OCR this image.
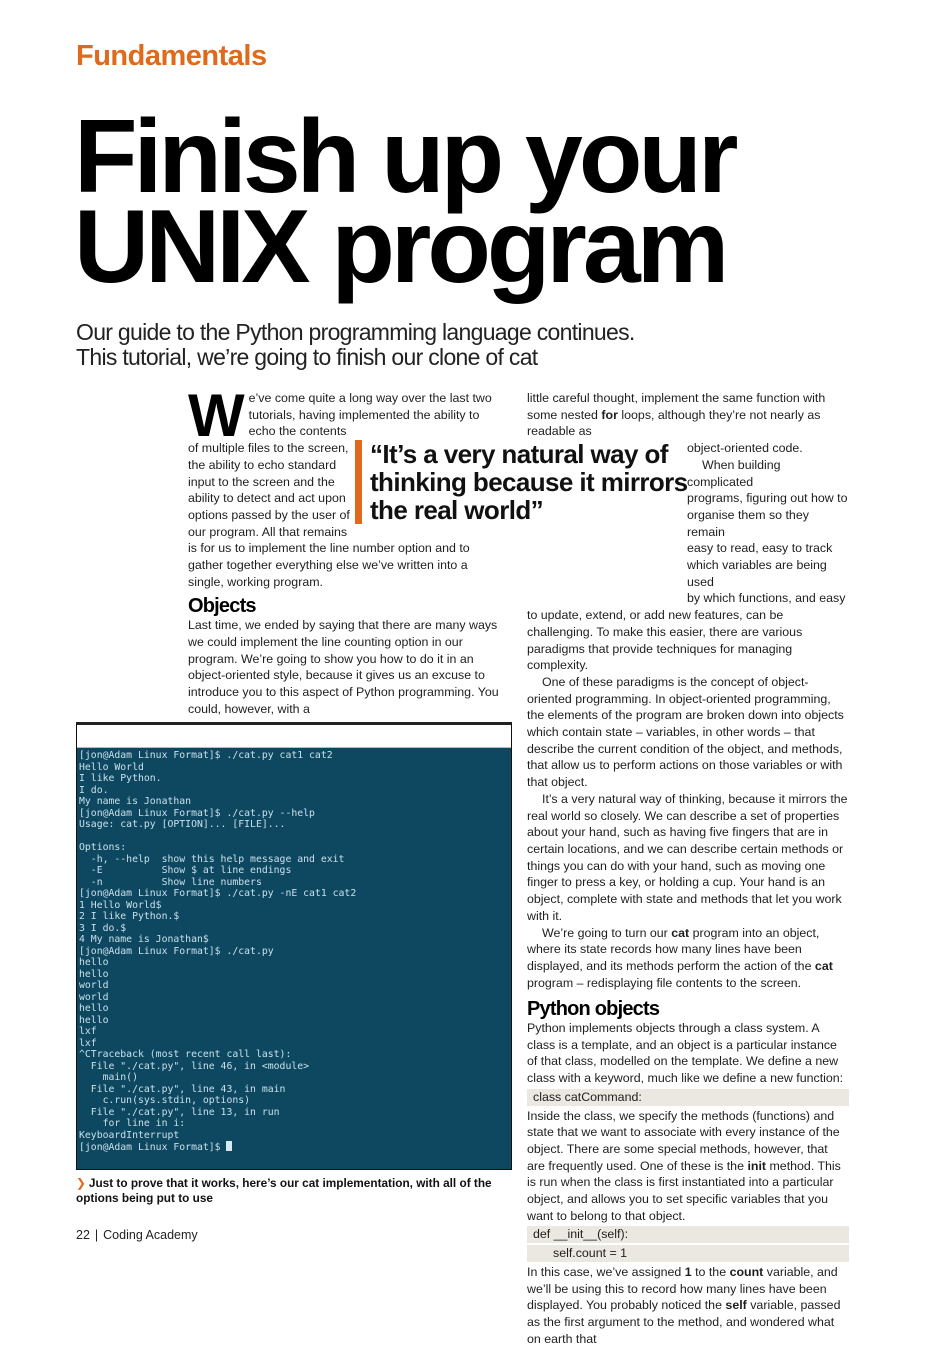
Fundamentals
Finish up your
UNIX program
Our guide to the Python programming language continues.
This tutorial, we’re going to finish our clone of cat
W e’ve come quite a long way over the last two
tutorials, having implemented the ability to
echo the contents
of multiple files to the screen,
the ability to echo standard
input to the screen and the
ability to detect and act upon
options passed by the user of
our program. All that remains
is for us to implement the line number option and to
gather together everything else we’ve written into a
single, working program.
Objects

Last time, we ended by saying that there are many ways we could implement the line counting option in our program. We’re going to show you how to do it in an object-oriented style, because it gives us an excuse to introduce you to this aspect of Python programming. You could, however, with a

“It’s a very natural way of thinking because it mirrors the real world”

little careful thought, implement the same function with some nested for loops, although they’re not nearly as readable as

object-oriented code.
When building complicated
programs, figuring out how to
organise them so they remain
easy to read, easy to track
which variables are being used
by which functions, and easy

to update, extend, or add new features, can be challenging. To make this easier, there are various paradigms that provide techniques for managing complexity.

One of these paradigms is the concept of object-oriented programming. In object-oriented programming, the elements of the program are broken down into objects which contain state – variables, in other words – that describe the current condition of the object, and methods, that allow us to perform actions on those variables or with that object.

It’s a very natural way of thinking, because it mirrors the real world so closely. We can describe a set of properties about your hand, such as having five fingers that are in certain locations, and we can describe certain methods or things you can do with your hand, such as moving one finger to press a key, or holding a cup. Your hand is an object, complete with state and methods that let you work with it.

We’re going to turn our cat program into an object, where its state records how many lines have been displayed, and its methods perform the action of the cat program – redisplaying file contents to the screen.

Python objects

Python implements objects through a class system. A class is a template, and an object is a particular instance of that class, modelled on the template. We define a new class with a keyword, much like we define a new function:

class catCommand:

Inside the class, we specify the methods (functions) and state that we want to associate with every instance of the object. There are some special methods, however, that are frequently used. One of these is the init method. This is run when the class is first instantiated into a particular object, and allows you to set specific variables that you want to belong to that object.

def __init__(self):
self.count = 1

In this case, we’ve assigned 1 to the count variable, and we’ll be using this to record how many lines have been displayed. You probably noticed the self variable, passed as the first argument to the method, and wondered what on earth that

[jon@Adam Linux Format]$ ./cat.py cat1 cat2
Hello World
I like Python.
I do.
My name is Jonathan
[jon@Adam Linux Format]$ ./cat.py --help
Usage: cat.py [OPTION]... [FILE]...

Options:
-h, --help  show this help message and exit
-E          Show $ at line endings
-n          Show line numbers
[jon@Adam Linux Format]$ ./cat.py -nE cat1 cat2
1 Hello World$
2 I like Python.$
3 I do.$
4 My name is Jonathan$
[jon@Adam Linux Format]$ ./cat.py
hello
hello
world
world
hello
hello
lxf
lxf
^CTraceback (most recent call last):
File "./cat.py", line 46, in <module>
main()
File "./cat.py", line 43, in main
c.run(sys.stdin, options)
File "./cat.py", line 13, in run
for line in i:
KeyboardInterrupt
[jon@Adam Linux Format]$
❯ Just to prove that it works, here’s our cat implementation, with all of the options being put to use
22 | Coding Academy
